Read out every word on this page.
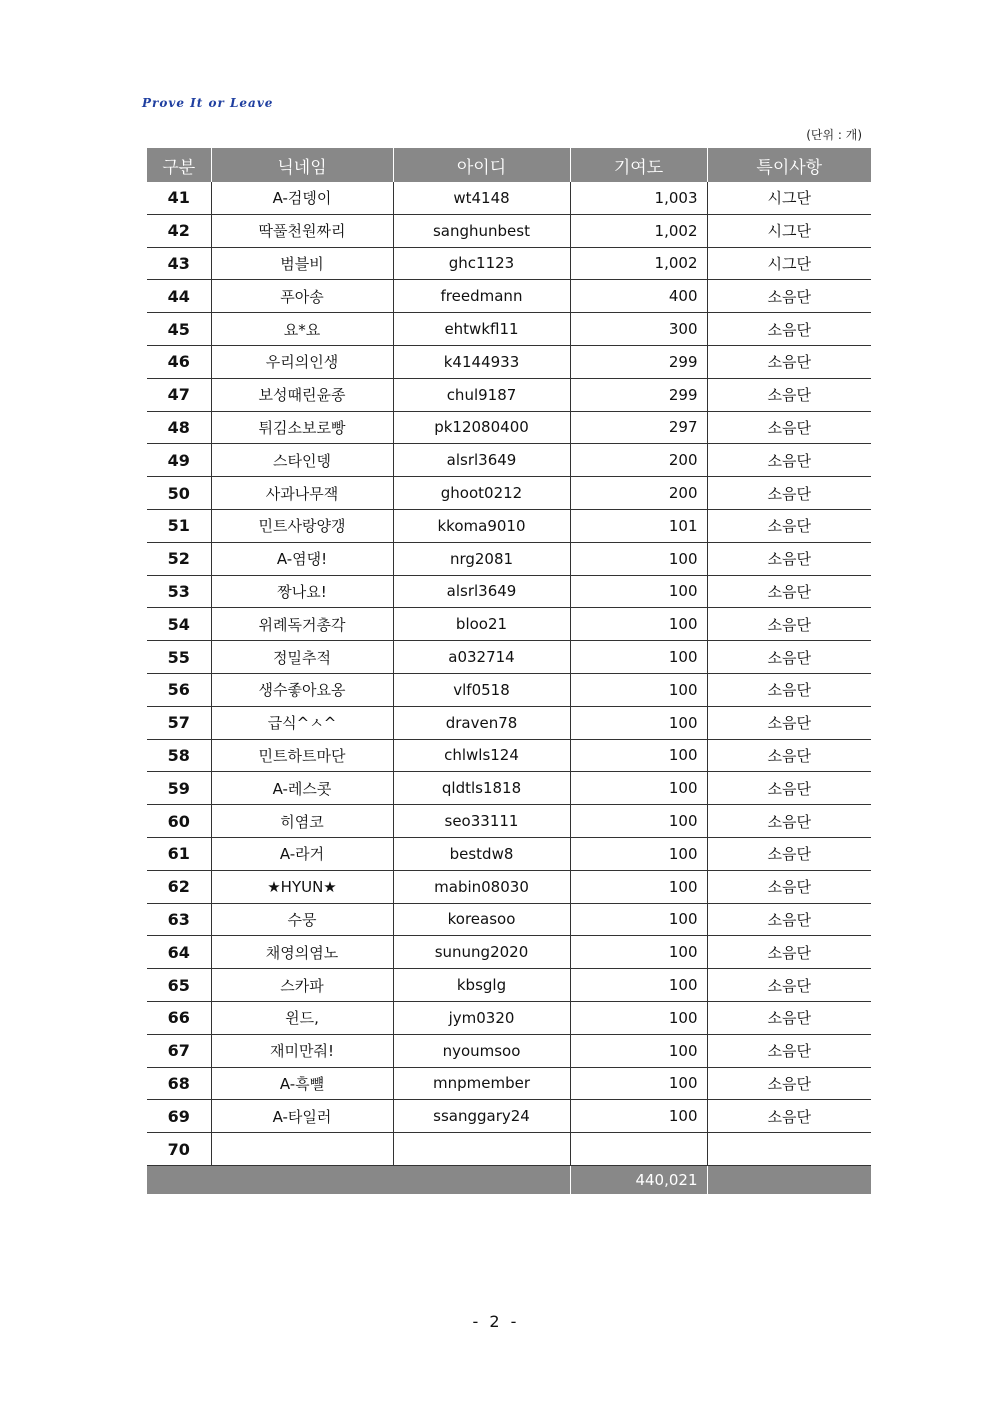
Prove It or Leave
(단위 : 개)
구분	닉네임	아이디	기여도	특이사항
41	A-검뎅이	wt4148	1,003	시그단
42	딱풀천원짜리	sanghunbest	1,002	시그단
43	범블비	ghc1123	1,002	시그단
44	푸아송	freedmann	400	소음단
45	요*요	ehtwkfl11	300	소음단
46	우리의인생	k4144933	299	소음단
47	보성때린윤종	chul9187	299	소음단
48	튀김소보로빵	pk12080400	297	소음단
49	스타인뎅	alsrl3649	200	소음단
50	사과나무잭	ghoot0212	200	소음단
51	민트사랑양갱	kkoma9010	101	소음단
52	A-염댕!	nrg2081	100	소음단
53	짱나요!	alsrl3649	100	소음단
54	위례독거총각	bloo21	100	소음단
55	정밀추적	a032714	100	소음단
56	생수좋아요옹	vlf0518	100	소음단
57	급식^ㅅ^	draven78	100	소음단
58	민트하트마단	chlwls124	100	소음단
59	A-레스콧	qldtls1818	100	소음단
60	히염코	seo33111	100	소음단
61	A-라거	bestdw8	100	소음단
62	★HYUN★	mabin08030	100	소음단
63	수뭉	koreasoo	100	소음단
64	채영의염노	sunung2020	100	소음단
65	스카파	kbsglg	100	소음단
66	윈드,	jym0320	100	소음단
67	재미만줘!	nyoumsoo	100	소음단
68	A-흑뺼	mnpmember	100	소음단
69	A-타일러	ssanggary24	100	소음단
70				
			440,021	
- 2 -
